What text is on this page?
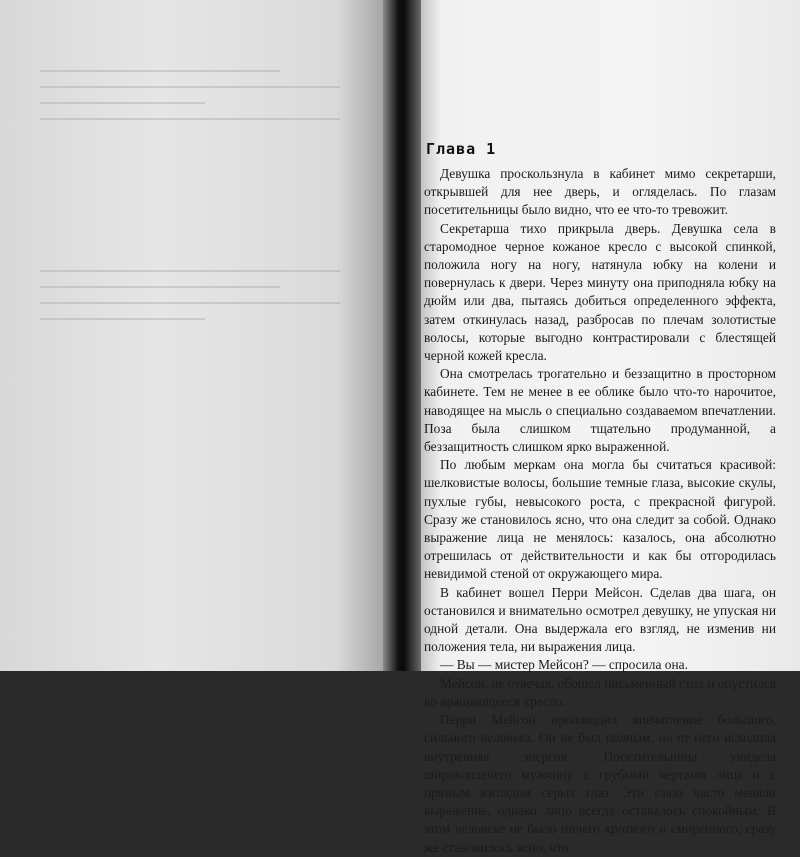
Глава 1

Девушка проскользнула в кабинет мимо секретарши, открывшей для нее дверь, и огляделась. По глазам посетительницы было видно, что ее что-то тревожит.

Секретарша тихо прикрыла дверь. Девушка села в старомодное черное кожаное кресло с высокой спинкой, положила ногу на ногу, натянула юбку на колени и повернулась к двери. Через минуту она приподняла юбку на дюйм или два, пытаясь добиться определенного эффекта, затем откинулась назад, разбросав по плечам золотистые волосы, которые выгодно контрастировали с блестящей черной кожей кресла.

Она смотрелась трогательно и беззащитно в просторном кабинете. Тем не менее в ее облике было что-то нарочитое, наводящее на мысль о специально создаваемом впечатлении. Поза была слишком тщательно продуманной, а беззащитность слишком ярко выраженной.

По любым меркам она могла бы считаться красивой: шелковистые волосы, большие темные глаза, высокие скулы, пухлые губы, невысокого роста, с прекрасной фигурой. Сразу же становилось ясно, что она следит за собой. Однако выражение лица не менялось: казалось, она абсолютно отрешилась от действительности и как бы отгородилась невидимой стеной от окружающего мира.

В кабинет вошел Перри Мейсон. Сделав два шага, он остановился и внимательно осмотрел девушку, не упуская ни одной детали. Она выдержала его взгляд, не изменив ни положения тела, ни выражения лица.

— Вы — мистер Мейсон? — спросила она.

Мейсон, не отвечая, обошел письменный стол и опустился во вращающееся кресло.

Перри Мейсон производил впечатление большого, сильного человека. Он не был полным, но от него исходила внутренняя энергия. Посетительница увидела широкоплечего мужчину с грубыми чертами лица и с прямым взглядом серых глаз. Эти глаза часто меняли выражение, однако лицо всегда оставалось спокойным. В этом человеке не было ничего кроткого и смиренного, сразу же становилось ясно, что
